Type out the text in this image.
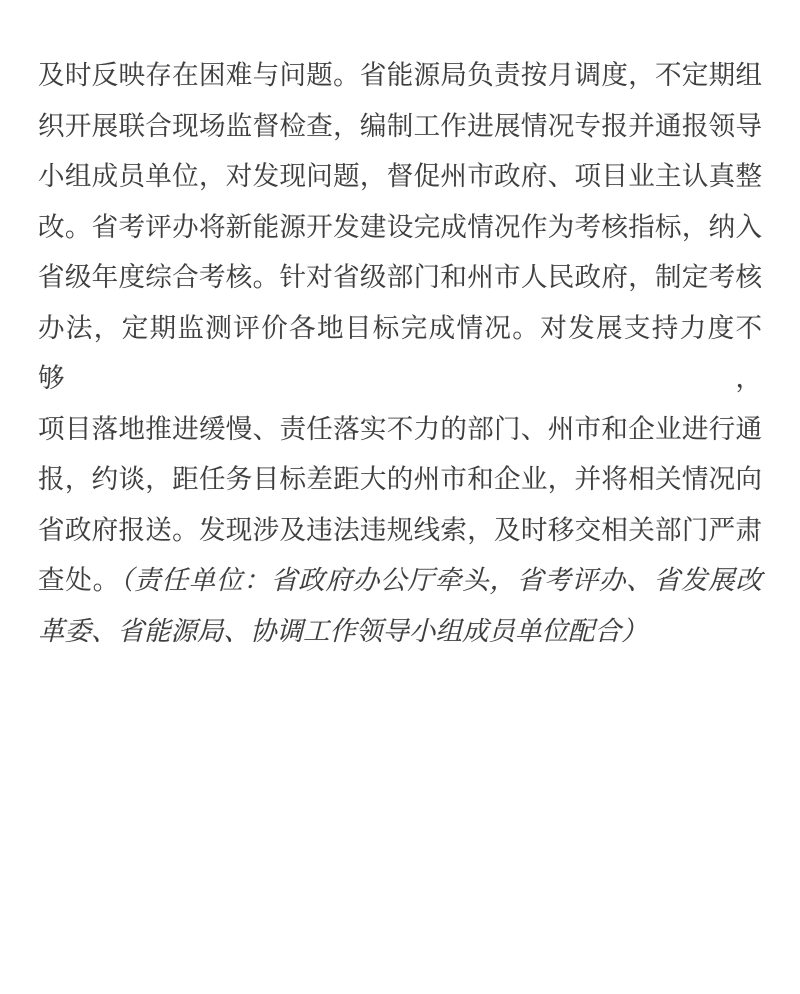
及时反映存在困难与问题。省能源局负责按月调度，不定期组
织开展联合现场监督检查，编制工作进展情况专报并通报领导
小组成员单位，对发现问题，督促州市政府、项目业主认真整
改。省考评办将新能源开发建设完成情况作为考核指标，纳入
省级年度综合考核。针对省级部门和州市人民政府，制定考核
办法，定期监测评价各地目标完成情况。对发展支持力度不够，
项目落地推进缓慢、责任落实不力的部门、州市和企业进行通
报，约谈，距任务目标差距大的州市和企业，并将相关情况向
省政府报送。发现涉及违法违规线索，及时移交相关部门严肃
查处。（责任单位：省政府办公厅牵头，省考评办、省发展改
革委、省能源局、协调工作领导小组成员单位配合）
